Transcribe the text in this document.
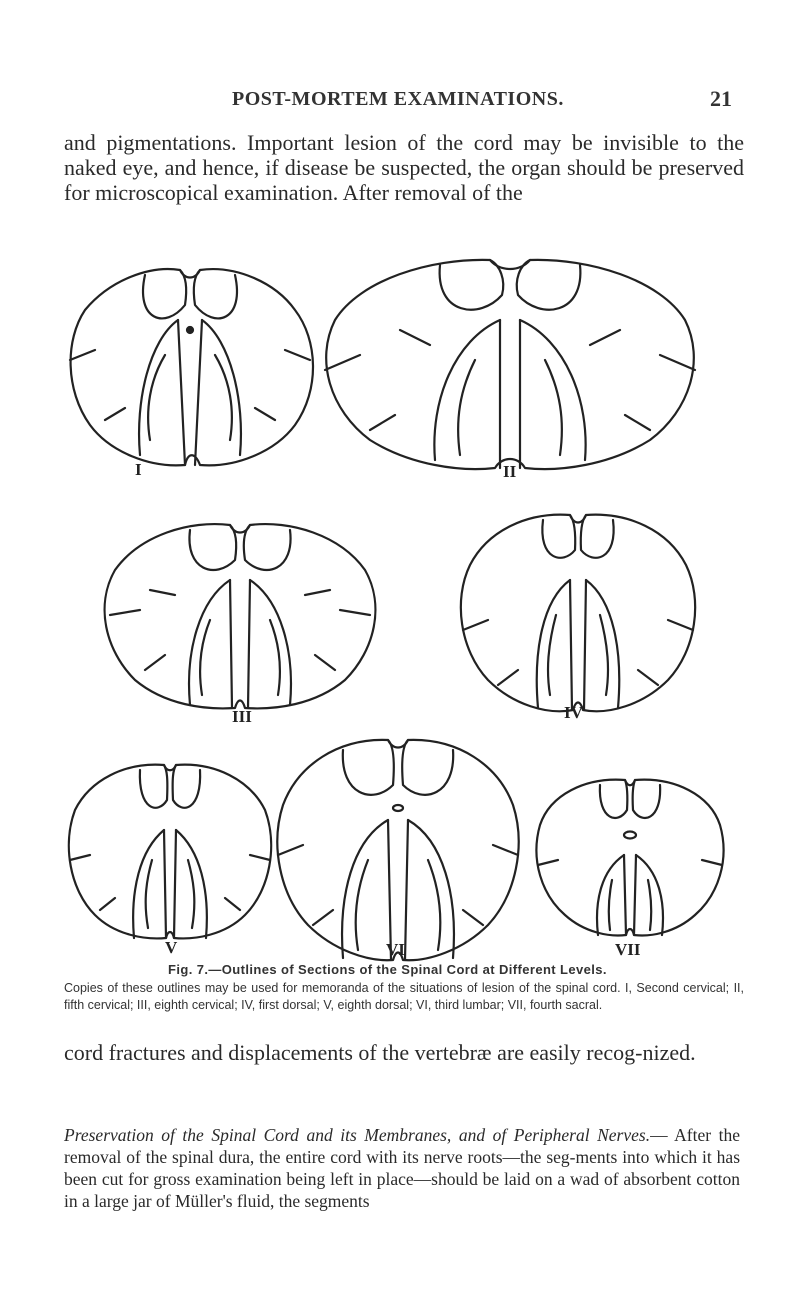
POST-MORTEM EXAMINATIONS.	21

and pigmentations. Important lesion of the cord may be invisible to the naked eye, and hence, if disease be suspected, the organ should be preserved for microscopical examination. After removal of the

I	II
III	IV
V	VI	VII
Fig. 7.—Outlines of Sections of the Spinal Cord at Different Levels.

Copies of these outlines may be used for memoranda of the situations of lesion of the spinal cord. I, Second cervical; II, fifth cervical; III, eighth cervical; IV, first dorsal; V, eighth dorsal; VI, third lumbar; VII, fourth sacral.

cord fractures and displacements of the vertebræ are easily recog-nized.

Preservation of the Spinal Cord and its Membranes, and of Peripheral Nerves.— After the removal of the spinal dura, the entire cord with its nerve roots—the seg-ments into which it has been cut for gross examination being left in place—should be laid on a wad of absorbent cotton in a large jar of Müller's fluid, the segments
